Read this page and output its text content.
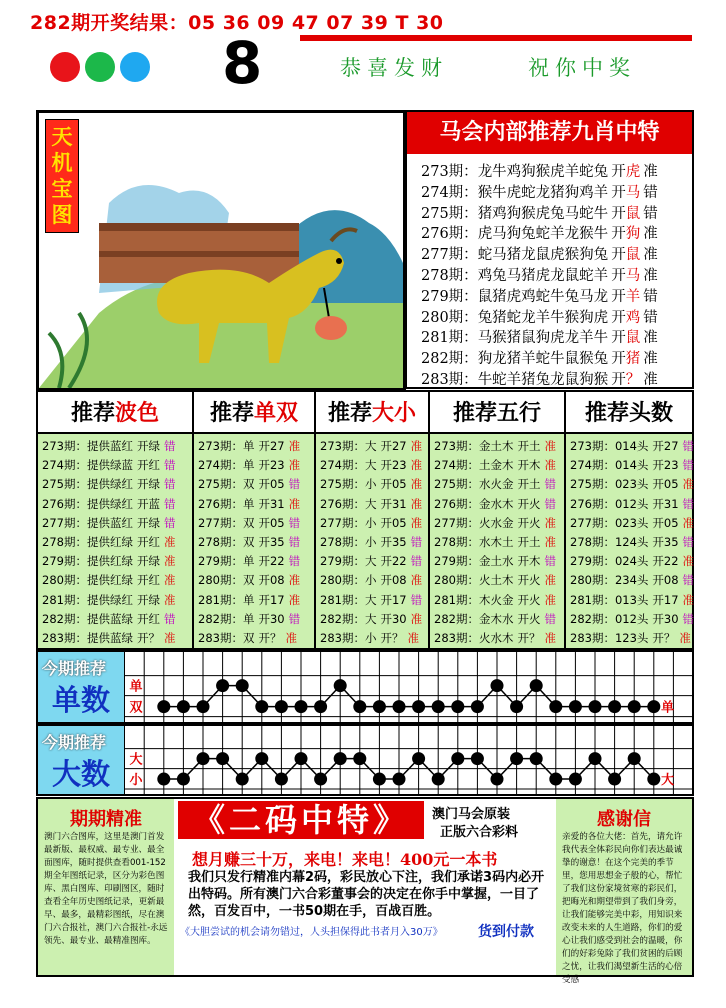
282期开奖结果：05 36 09 47 07 39 T 30
8	恭喜发财	祝你中奖
天
机
宝
图
马会内部推荐九肖中特
273期：龙牛鸡狗猴虎羊蛇兔 开虎 准
274期：猴牛虎蛇龙猪狗鸡羊 开马 错
275期：猪鸡狗猴虎兔马蛇牛 开鼠 错
276期：虎马狗兔蛇羊龙猴牛 开狗 准
277期：蛇马猪龙鼠虎猴狗兔 开鼠 准
278期：鸡兔马猪虎龙鼠蛇羊 开马 准
279期：鼠猪虎鸡蛇牛兔马龙 开羊 错
280期：兔猪蛇龙羊牛猴狗虎 开鸡 错
281期：马猴猪鼠狗虎龙羊牛 开鼠 准
282期：狗龙猪羊蛇牛鼠猴兔 开猪 准
283期：牛蛇羊猪兔龙鼠狗猴 开？ 准
推荐波色
273期：提供蓝红 开绿 错
274期：提供绿蓝 开红 错
275期：提供绿红 开绿 错
276期：提供绿红 开蓝 错
277期：提供蓝红 开绿 错
278期：提供红绿 开红 准
279期：提供红绿 开绿 准
280期：提供红绿 开红 准
281期：提供绿红 开绿 准
282期：提供蓝绿 开红 错
283期：提供蓝绿 开？ 准
推荐单双
273期：单 开27 准
274期：单 开23 准
275期：双 开05 错
276期：单 开31 准
277期：双 开05 错
278期：双 开35 错
279期：单 开22 错
280期：双 开08 准
281期：单 开17 准
282期：单 开30 错
283期：双 开？ 准
推荐大小
273期：大 开27 准
274期：大 开23 准
275期：小 开05 准
276期：大 开31 准
277期：小 开05 准
278期：小 开35 错
279期：大 开22 错
280期：小 开08 准
281期：大 开17 错
282期：大 开30 准
283期：小 开？ 准
推荐五行
273期：金土木 开土 准
274期：土金木 开木 准
275期：水火金 开土 错
276期：金水木 开火 错
277期：火水金 开火 准
278期：水木土 开土 准
279期：金土水 开木 错
280期：火土木 开火 准
281期：木火金 开火 准
282期：金木水 开火 错
283期：火水木 开？ 准
推荐头数
273期：014头 开27 错
274期：014头 开23 错
275期：023头 开05 准
276期：012头 开31 错
277期：023头 开05 准
278期：124头 开35 错
279期：024头 开22 准
280期：234头 开08 错
281期：013头 开17 准
282期：012头 开30 错
283期：123头 开？ 准
今期推荐
单数 单
双	单
今期推荐
大数 大
小	大
期期精准
澳门六合图库，这里是澳门首发最新版、最权威、最专业、最全面图库，随时提供查看001-152期全年图纸记录，区分为彩色图库、黑白图库、印刷图区，随时查看全年历史图纸记录，更新最早、最多，最精彩图纸，尽在澳门六合报社，澳门六合报社-永远领先、最专业、最精准图库。
《二码中特》	澳门马会原装
正版六合彩料
想月赚三十万，来电！来电！400元一本书
我们只发行精准内幕2码，彩民放心下注，我们承诺3码内必开出特码。所有澳门六合彩董事会的决定在你手中掌握，一目了然，百发百中，一书50期在手，百战百胜。
《大胆尝试的机会请勿错过，人头担保得此书者月入30万》	货到付款
感谢信
亲爱的各位大佬：首先，请允许我代表全体彩民向你们表达最诚挚的谢意！在这个完美的季节里，您用思想金子般的心，帮忙了我们这份家境贫寒的彩民们，把晦光和期望带到了我们身旁，让我们能够完美中彩，用知识来改变未来的人生道路，你们的爱心让我们感受到社会的温暖，你们的好彩兔除了我们贫困的后顾之忧，让我们渴望新生活的心倍受感
